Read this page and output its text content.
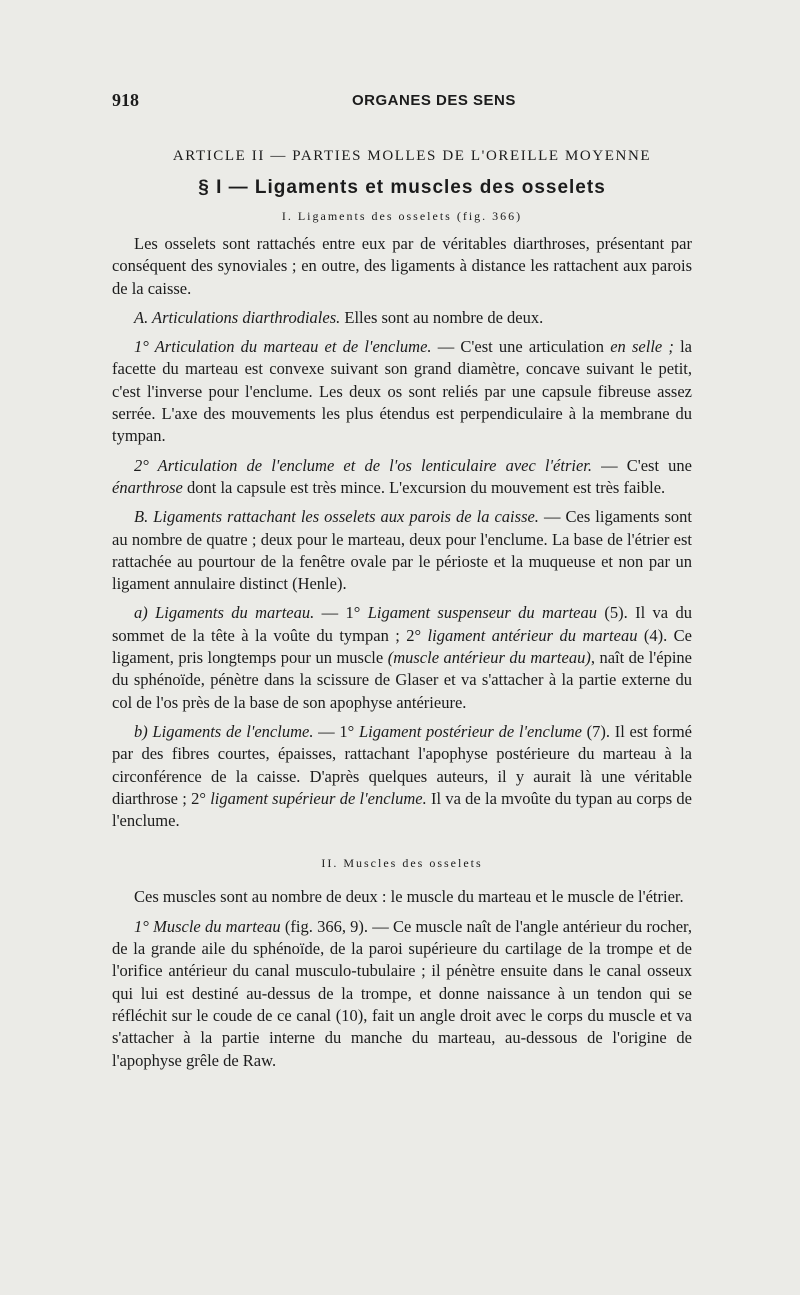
918	ORGANES DES SENS
ARTICLE II — PARTIES MOLLES DE L'OREILLE MOYENNE
§ I — Ligaments et muscles des osselets
I. Ligaments des osselets (fig. 366)

Les osselets sont rattachés entre eux par de véritables diarthroses, présentant par conséquent des synoviales ; en outre, des ligaments à distance les rattachent aux parois de la caisse.

A. Articulations diarthrodiales. Elles sont au nombre de deux.

1° Articulation du marteau et de l'enclume. — C'est une articulation en selle ; la facette du marteau est convexe suivant son grand diamètre, concave suivant le petit, c'est l'inverse pour l'enclume. Les deux os sont reliés par une capsule fibreuse assez serrée. L'axe des mouvements les plus étendus est perpendiculaire à la membrane du tympan.

2° Articulation de l'enclume et de l'os lenticulaire avec l'étrier. — C'est une énarthrose dont la capsule est très mince. L'excursion du mouvement est très faible.

B. Ligaments rattachant les osselets aux parois de la caisse. — Ces ligaments sont au nombre de quatre ; deux pour le marteau, deux pour l'enclume. La base de l'étrier est rattachée au pourtour de la fenêtre ovale par le périoste et la muqueuse et non par un ligament annulaire distinct (Henle).

a) Ligaments du marteau. — 1° Ligament suspenseur du marteau (5). Il va du sommet de la tête à la voûte du tympan ; 2° ligament antérieur du marteau (4). Ce ligament, pris longtemps pour un muscle (muscle antérieur du marteau), naît de l'épine du sphénoïde, pénètre dans la scissure de Glaser et va s'attacher à la partie externe du col de l'os près de la base de son apophyse antérieure.

b) Ligaments de l'enclume. — 1° Ligament postérieur de l'enclume (7). Il est formé par des fibres courtes, épaisses, rattachant l'apophyse postérieure du marteau à la circonférence de la caisse. D'après quelques auteurs, il y aurait là une véritable diarthrose ; 2° ligament supérieur de l'enclume. Il va de la mvoûte du typan au corps de l'enclume.

II. Muscles des osselets

Ces muscles sont au nombre de deux : le muscle du marteau et le muscle de l'étrier.

1° Muscle du marteau (fig. 366, 9). — Ce muscle naît de l'angle antérieur du rocher, de la grande aile du sphénoïde, de la paroi supérieure du cartilage de la trompe et de l'orifice antérieur du canal musculo-tubulaire ; il pénètre ensuite dans le canal osseux qui lui est destiné au-dessus de la trompe, et donne naissance à un tendon qui se réfléchit sur le coude de ce canal (10), fait un angle droit avec le corps du muscle et va s'attacher à la partie interne du manche du marteau, au-dessous de l'origine de l'apophyse grêle de Raw.
